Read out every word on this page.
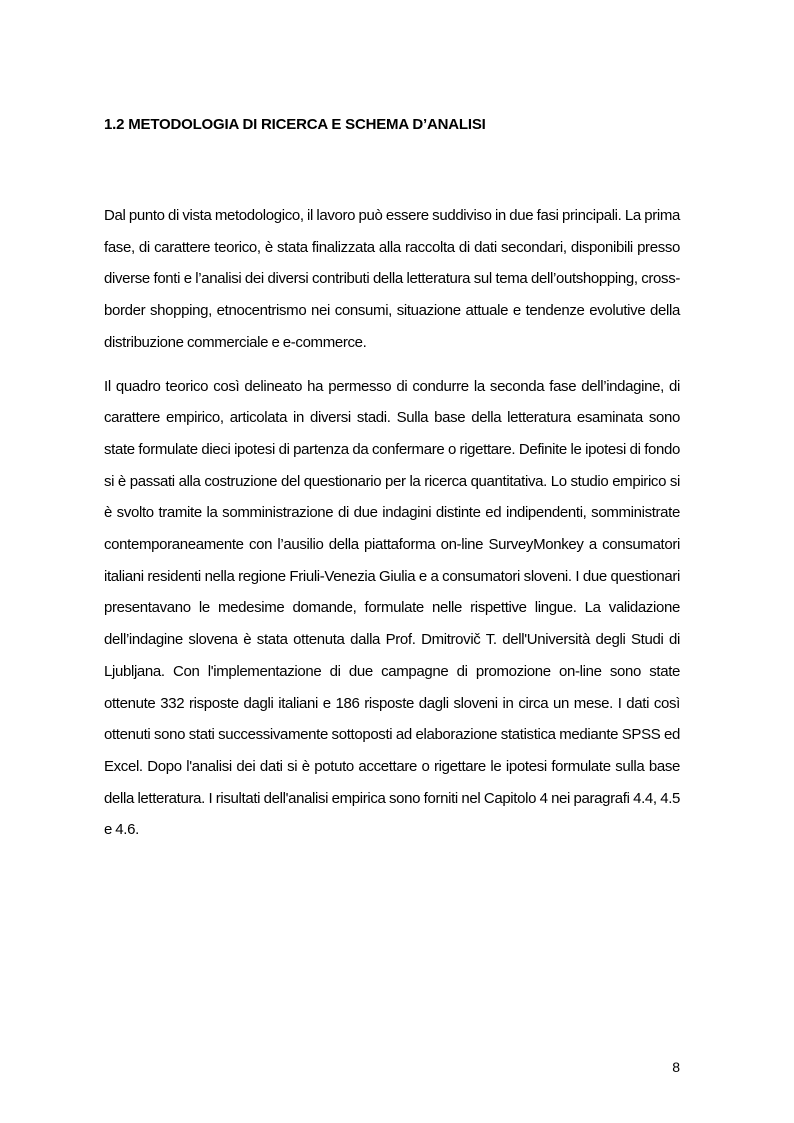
1.2 METODOLOGIA DI RICERCA E SCHEMA D’ANALISI

Dal punto di vista metodologico, il lavoro può essere suddiviso in due fasi principali. La prima fase, di carattere teorico, è stata finalizzata alla raccolta di dati secondari, disponibili presso diverse fonti e l’analisi dei diversi contributi della letteratura sul tema dell’outshopping, cross-border shopping, etnocentrismo nei consumi, situazione attuale e tendenze evolutive della distribuzione commerciale e e-commerce.

Il quadro teorico così delineato ha permesso di condurre la seconda fase dell’indagine, di carattere empirico, articolata in diversi stadi. Sulla base della letteratura esaminata sono state formulate dieci ipotesi di partenza da confermare o rigettare. Definite le ipotesi di fondo si è passati alla costruzione del questionario per la ricerca quantitativa. Lo studio empirico si è svolto tramite la somministrazione di due indagini distinte ed indipendenti, somministrate contemporaneamente con l’ausilio della piattaforma on-line SurveyMonkey a consumatori italiani residenti nella regione Friuli-Venezia Giulia e a consumatori sloveni. I due questionari presentavano le medesime domande, formulate nelle rispettive lingue. La validazione dell’indagine slovena è stata ottenuta dalla Prof. Dmitrovič T. dell'Università degli Studi di Ljubljana. Con l'implementazione di due campagne di promozione on-line sono state ottenute 332 risposte dagli italiani e 186 risposte dagli sloveni in circa un mese. I dati così ottenuti sono stati successivamente sottoposti ad elaborazione statistica mediante SPSS ed Excel. Dopo l'analisi dei dati si è potuto accettare o rigettare le ipotesi formulate sulla base della letteratura. I risultati dell'analisi empirica sono forniti nel Capitolo 4 nei paragrafi 4.4, 4.5 e 4.6.

8
